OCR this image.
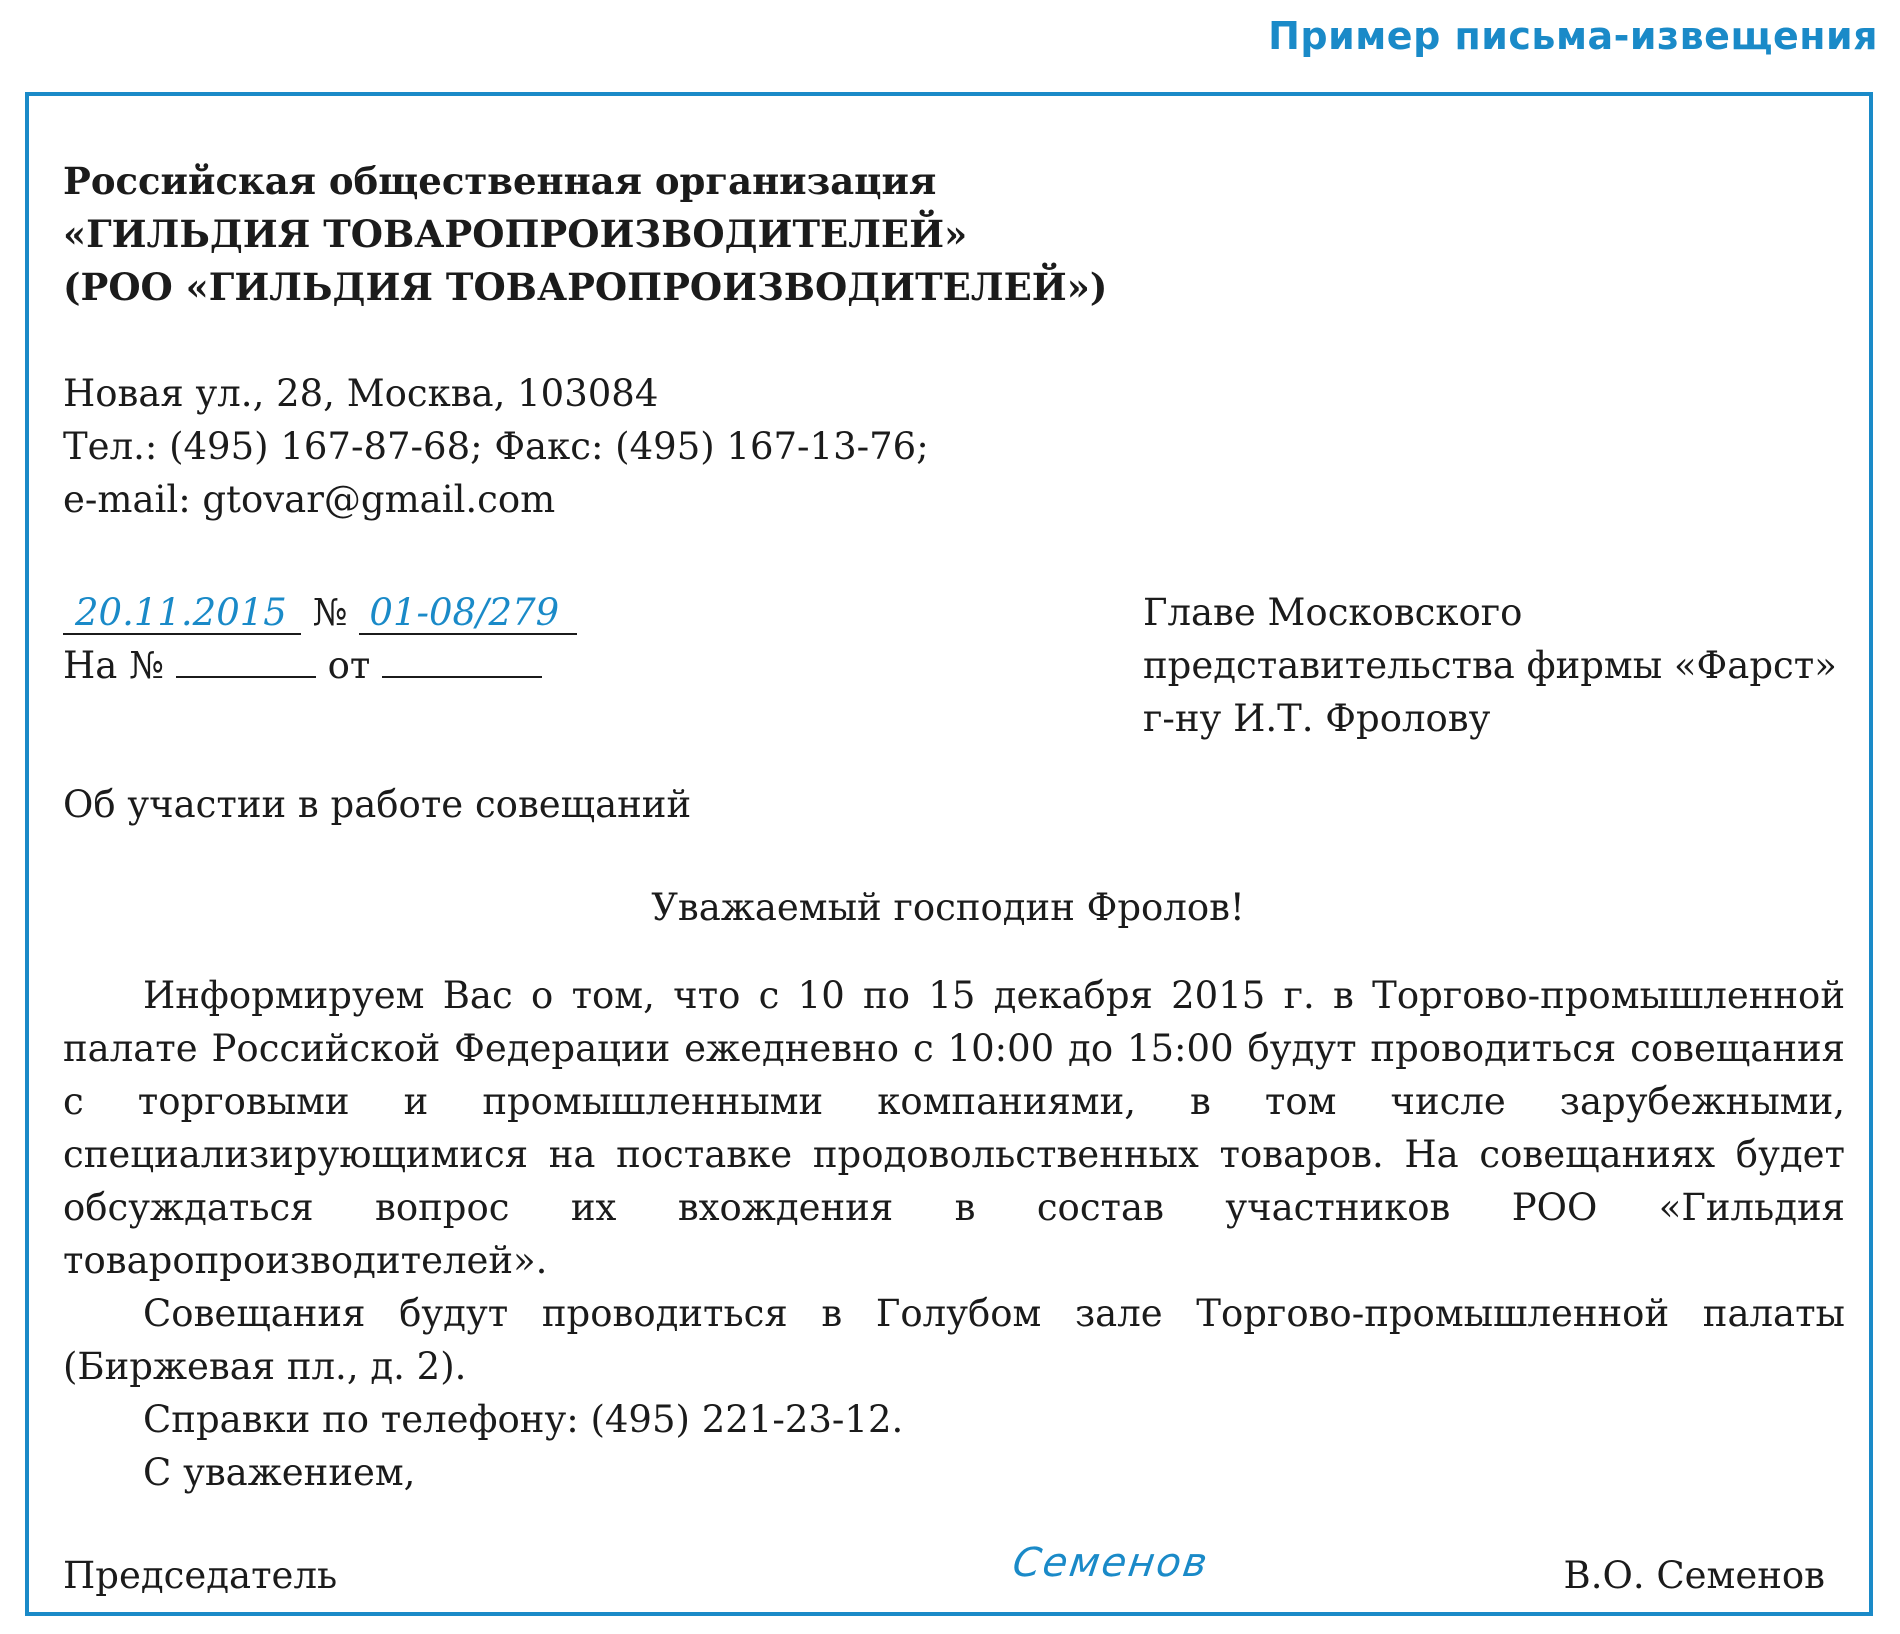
Пример письма-извещения
Российская общественная организация
«ГИЛЬДИЯ ТОВАРОПРОИЗВОДИТЕЛЕЙ»
(РОО «ГИЛЬДИЯ ТОВАРОПРОИЗВОДИТЕЛЕЙ»)
Новая ул., 28, Москва, 103084
Тел.: (495) 167-87-68; Факс: (495) 167-13-76;
e-mail: gtovar@gmail.com
20.11.2015 № 01-08/279
На №	от
Главе Московского
представительства фирмы «Фарст»
г-ну И.Т. Фролову
Об участии в работе совещаний
Уважаемый господин Фролов!

Информируем Вас о том, что с 10 по 15 декабря 2015 г. в Торгово-промышленной палате Российской Федерации ежедневно с 10:00 до 15:00 будут проводиться совещания с торговыми и промышленными компаниями, в том числе зарубежными, специализирующимися на поставке продовольственных товаров. На совещаниях будет обсуждаться вопрос их вхождения в состав участников РОО «Гильдия товаропроизводителей».

Совещания будут проводиться в Голубом зале Торгово-промышленной палаты (Биржевая пл., д. 2).

Справки по телефону: (495) 221-23-12.

С уважением,

Председатель	Семенов	В.О. Семенов
